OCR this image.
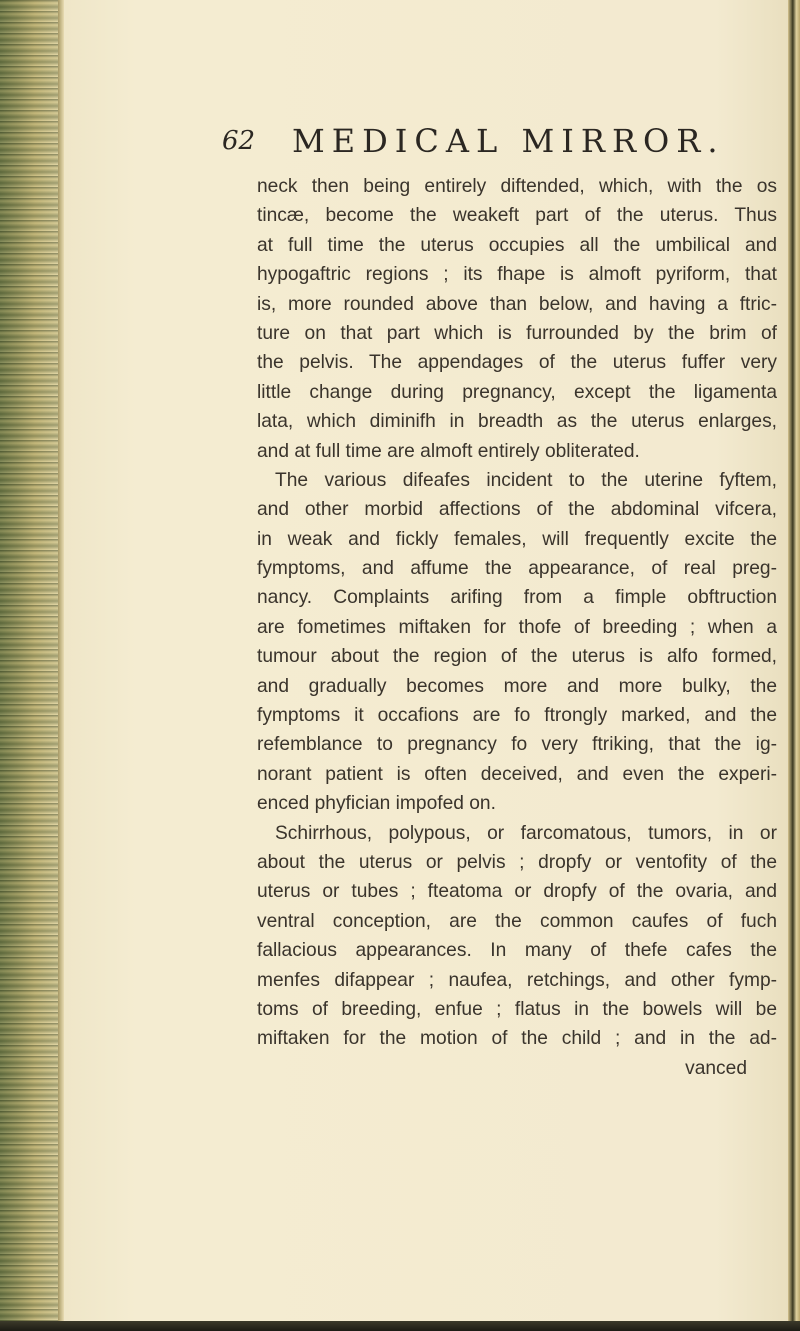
62 MEDICAL MIRROR.
neck then being entirely diftended, which, with the os
tincæ, become the weakeft part of the uterus. Thus
at full time the uterus occupies all the umbilical and
hypogaftric regions ; its fhape is almoft pyriform, that
is, more rounded above than below, and having a ftric-
ture on that part which is furrounded by the brim of
the pelvis. The appendages of the uterus fuffer very
little change during pregnancy, except the ligamenta
lata, which diminifh in breadth as the uterus enlarges,
and at full time are almoft entirely obliterated.
The various difeafes incident to the uterine fyftem,
and other morbid affections of the abdominal vifcera,
in weak and fickly females, will frequently excite the
fymptoms, and affume the appearance, of real preg-
nancy. Complaints arifing from a fimple obftruction
are fometimes miftaken for thofe of breeding ; when a
tumour about the region of the uterus is alfo formed,
and gradually becomes more and more bulky, the
fymptoms it occafions are fo ftrongly marked, and the
refemblance to pregnancy fo very ftriking, that the ig-
norant patient is often deceived, and even the experi-
enced phyfician impofed on.
Schirrhous, polypous, or farcomatous, tumors, in or
about the uterus or pelvis ; dropfy or ventofity of the
uterus or tubes ; fteatoma or dropfy of the ovaria, and
ventral conception, are the common caufes of fuch
fallacious appearances. In many of thefe cafes the
menfes difappear ; naufea, retchings, and other fymp-
toms of breeding, enfue ; flatus in the bowels will be
miftaken for the motion of the child ; and in the ad-
vanced
